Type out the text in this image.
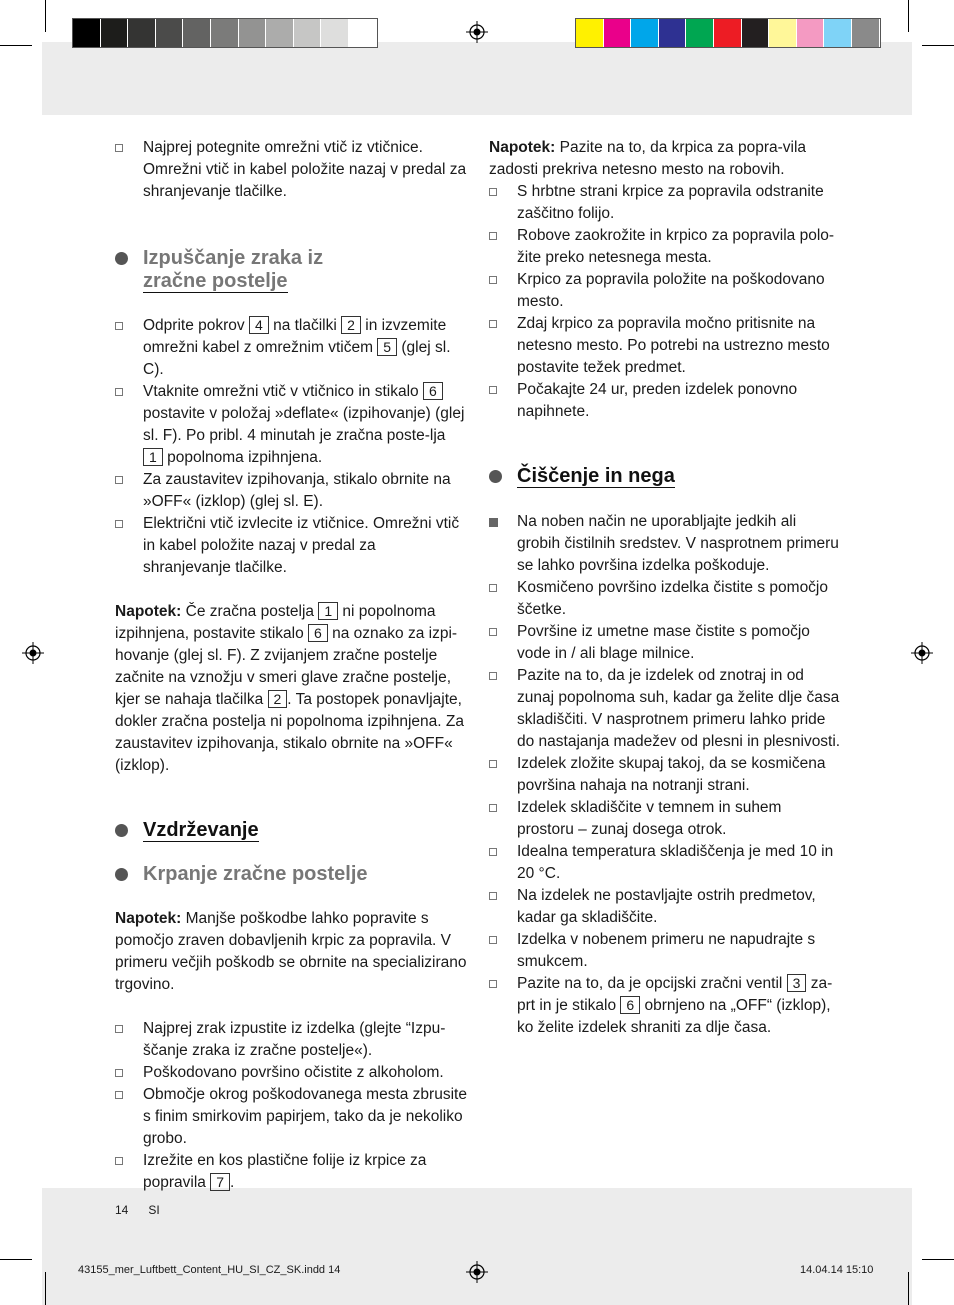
Najprej potegnite omrežni vtič iz vtičnice. Omrežni vtič in kabel položite nazaj v predal za shranjevanje tlačilke.
Izpuščanje zraka iz
zračne postelje
Odprite pokrov 4 na tlačilki 2 in izvzemite omrežni kabel z omrežnim vtičem 5 (glej sl. C).
Vtaknite omrežni vtič v vtičnico in stikalo 6 postavite v položaj »deflate« (izpihovanje) (glej sl. F). Po pribl. 4 minutah je zračna poste-lja 1 popolnoma izpihnjena.
Za zaustavitev izpihovanja, stikalo obrnite na »OFF« (izklop) (glej sl. E).
Električni vtič izvlecite iz vtičnice. Omrežni vtič in kabel položite nazaj v predal za shranjevanje tlačilke.

Napotek: Če zračna postelja 1 ni popolnoma izpihnjena, postavite stikalo 6 na oznako za izpi-hovanje (glej sl. F). Z zvijanjem zračne postelje začnite na vznožju v smeri glave zračne postelje, kjer se nahaja tlačilka 2 . Ta postopek ponavljajte, dokler zračna postelja ni popolnoma izpihnjena. Za zaustavitev izpihovanja, stikalo obrnite na »OFF« (izklop).

Vzdrževanje
Krpanje zračne postelje

Napotek: Manjše poškodbe lahko popravite s pomočjo zraven dobavljenih krpic za popravila. V primeru večjih poškodb se obrnite na specializirano trgovino.

Najprej zrak izpustite iz izdelka (glejte “Izpu-ščanje zraka iz zračne postelje«).
Poškodovano površino očistite z alkoholom.
Območje okrog poškodovanega mesta zbrusite s finim smirkovim papirjem, tako da je nekoliko grobo.
Izrežite en kos plastične folije iz krpice za popravila 7 .

Napotek: Pazite na to, da krpica za popra-vila zadosti prekriva netesno mesto na robovih.

S hrbtne strani krpice za popravila odstranite zaščitno folijo.
Robove zaokrožite in krpico za popravila polo-žite preko netesnega mesta.
Krpico za popravila položite na poškodovano mesto.
Zdaj krpico za popravila močno pritisnite na netesno mesto. Po potrebi na ustrezno mesto postavite težek predmet.
Počakajte 24 ur, preden izdelek ponovno napihnete.
Čiščenje in nega
Na noben način ne uporabljajte jedkih ali grobih čistilnih sredstev. V nasprotnem primeru se lahko površina izdelka poškoduje.
Kosmičeno površino izdelka čistite s pomočjo ščetke.
Površine iz umetne mase čistite s pomočjo vode in / ali blage milnice.
Pazite na to, da je izdelek od znotraj in od zunaj popolnoma suh, kadar ga želite dlje časa skladiščiti. V nasprotnem primeru lahko pride do nastajanja madežev od plesni in plesnivosti.
Izdelek zložite skupaj takoj, da se kosmičena površina nahaja na notranji strani.
Izdelek skladiščite v temnem in suhem prostoru – zunaj dosega otrok.
Idealna temperatura skladiščenja je med 10 in 20 °C.
Na izdelek ne postavljajte ostrih predmetov, kadar ga skladiščite.
Izdelka v nobenem primeru ne napudrajte s smukcem.
Pazite na to, da je opcijski zračni ventil 3 za-prt in je stikalo 6 obrnjeno na „OFF“ (izklop), ko želite izdelek shraniti za dlje časa.
14 SI
43155_mer_Luftbett_Content_HU_SI_CZ_SK.indd 14	14.04.14 15:10
